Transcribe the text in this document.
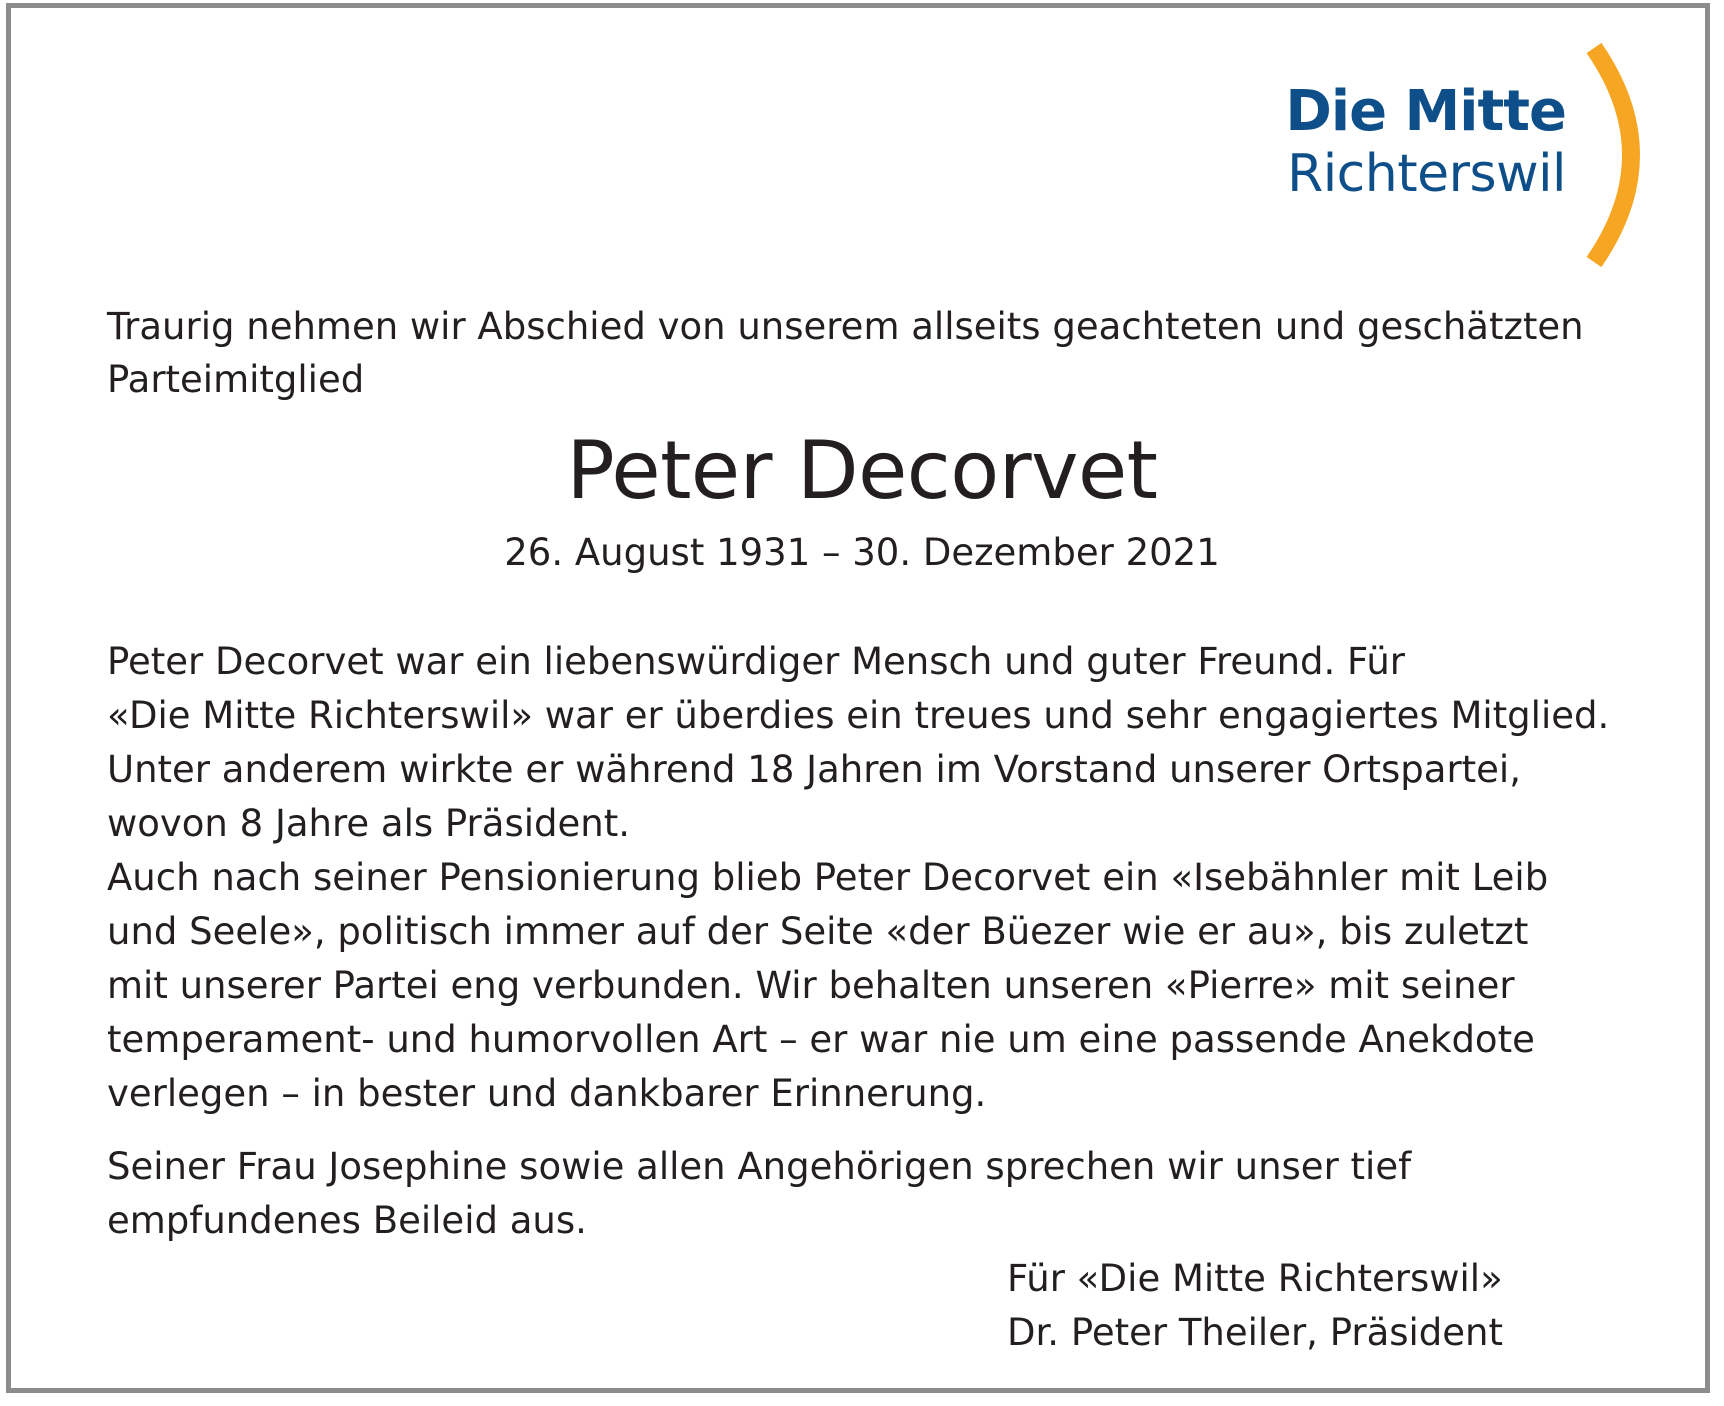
Die Mitte
Richterswil
Traurig nehmen wir Abschied von unserem allseits geachteten und geschätzten
Parteimitglied
Peter Decorvet
26. August 1931 – 30. Dezember 2021
Peter Decorvet war ein liebenswürdiger Mensch und guter Freund. Für
«Die Mitte Richterswil» war er überdies ein treues und sehr engagiertes Mitglied.
Unter anderem wirkte er während 18 Jahren im Vorstand unserer Ortspartei,
wovon 8 Jahre als Präsident.
Auch nach seiner Pensionierung blieb Peter Decorvet ein «Isebähnler mit Leib
und Seele», politisch immer auf der Seite «der Büezer wie er au», bis zuletzt
mit unserer Partei eng verbunden. Wir behalten unseren «Pierre» mit seiner
temperament- und humorvollen Art – er war nie um eine passende Anekdote
verlegen – in bester und dankbarer Erinnerung.
Seiner Frau Josephine sowie allen Angehörigen sprechen wir unser tief
empfundenes Beileid aus.
Für «Die Mitte Richterswil»
Dr. Peter Theiler, Präsident
